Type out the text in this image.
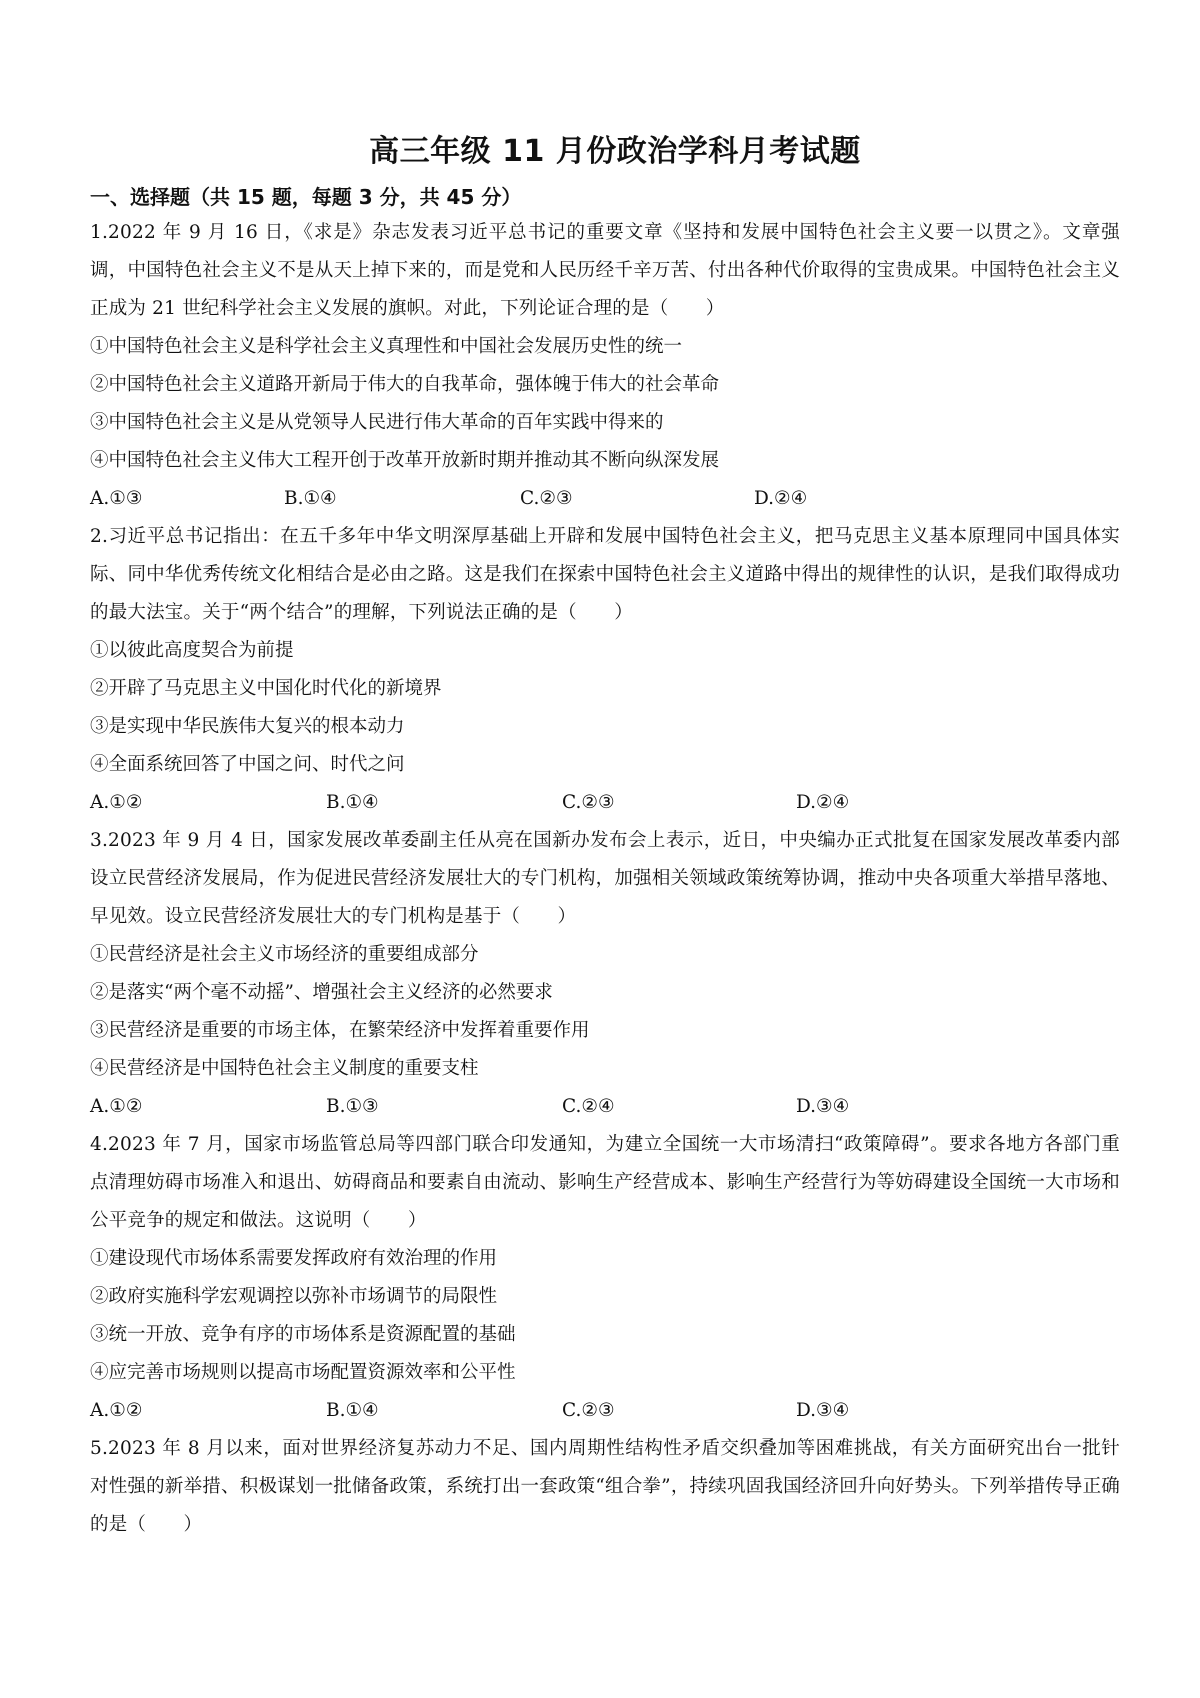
高三年级 11 月份政治学科月考试题
一、选择题（共 15 题，每题 3 分，共 45 分）

1.2022 年 9 月 16 日，《求是》杂志发表习近平总书记的重要文章《坚持和发展中国特色社会主义要一以贯之》。文章强调，中国特色社会主义不是从天上掉下来的，而是党和人民历经千辛万苦、付出各种代价取得的宝贵成果。中国特色社会主义正成为 21 世纪科学社会主义发展的旗帜。对此，下列论证合理的是（　　）

①中国特色社会主义是科学社会主义真理性和中国社会发展历史性的统一

②中国特色社会主义道路开新局于伟大的自我革命，强体魄于伟大的社会革命

③中国特色社会主义是从党领导人民进行伟大革命的百年实践中得来的

④中国特色社会主义伟大工程开创于改革开放新时期并推动其不断向纵深发展

A.①③	B.①④	C.②③	D.②④

2.习近平总书记指出：在五千多年中华文明深厚基础上开辟和发展中国特色社会主义，把马克思主义基本原理同中国具体实际、同中华优秀传统文化相结合是必由之路。这是我们在探索中国特色社会主义道路中得出的规律性的认识，是我们取得成功的最大法宝。关于“两个结合”的理解，下列说法正确的是（　　）

①以彼此高度契合为前提

②开辟了马克思主义中国化时代化的新境界

③是实现中华民族伟大复兴的根本动力

④全面系统回答了中国之问、时代之问

A.①②	B.①④	C.②③	D.②④

3.2023 年 9 月 4 日，国家发展改革委副主任从亮在国新办发布会上表示，近日，中央编办正式批复在国家发展改革委内部设立民营经济发展局，作为促进民营经济发展壮大的专门机构，加强相关领域政策统筹协调，推动中央各项重大举措早落地、早见效。设立民营经济发展壮大的专门机构是基于（　　）

①民营经济是社会主义市场经济的重要组成部分

②是落实“两个毫不动摇”、增强社会主义经济的必然要求

③民营经济是重要的市场主体，在繁荣经济中发挥着重要作用

④民营经济是中国特色社会主义制度的重要支柱

A.①②	B.①③	C.②④	D.③④

4.2023 年 7 月，国家市场监管总局等四部门联合印发通知，为建立全国统一大市场清扫“政策障碍”。要求各地方各部门重点清理妨碍市场准入和退出、妨碍商品和要素自由流动、影响生产经营成本、影响生产经营行为等妨碍建设全国统一大市场和公平竞争的规定和做法。这说明（　　）

①建设现代市场体系需要发挥政府有效治理的作用

②政府实施科学宏观调控以弥补市场调节的局限性

③统一开放、竞争有序的市场体系是资源配置的基础

④应完善市场规则以提高市场配置资源效率和公平性

A.①②	B.①④	C.②③	D.③④

5.2023 年 8 月以来，面对世界经济复苏动力不足、国内周期性结构性矛盾交织叠加等困难挑战，有关方面研究出台一批针对性强的新举措、积极谋划一批储备政策，系统打出一套政策“组合拳”，持续巩固我国经济回升向好势头。下列举措传导正确的是（　　）
